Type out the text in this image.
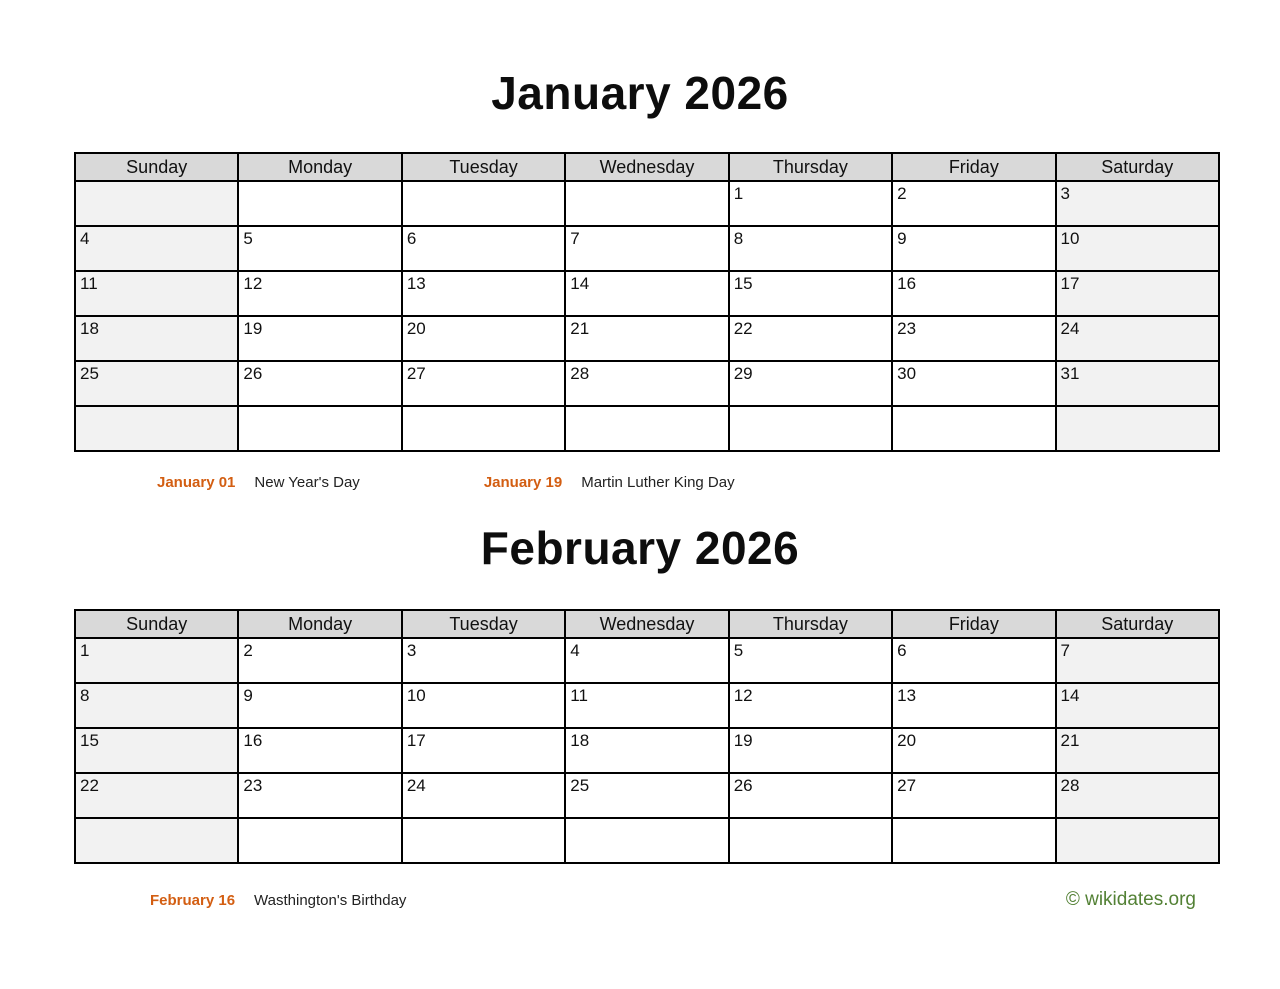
January 2026
Sunday	Monday	Tuesday	Wednesday	Thursday	Friday	Saturday
				1	2	3
4	5	6	7	8	9	10
11	12	13	14	15	16	17
18	19	20	21	22	23	24
25	26	27	28	29	30	31

January 01 New Year's Day	January 19 Martin Luther King Day
February 2026
Sunday	Monday	Tuesday	Wednesday	Thursday	Friday	Saturday
1	2	3	4	5	6	7
8	9	10	11	12	13	14
15	16	17	18	19	20	21
22	23	24	25	26	27	28

February 16 Wasthington's Birthday	© wikidates.org
